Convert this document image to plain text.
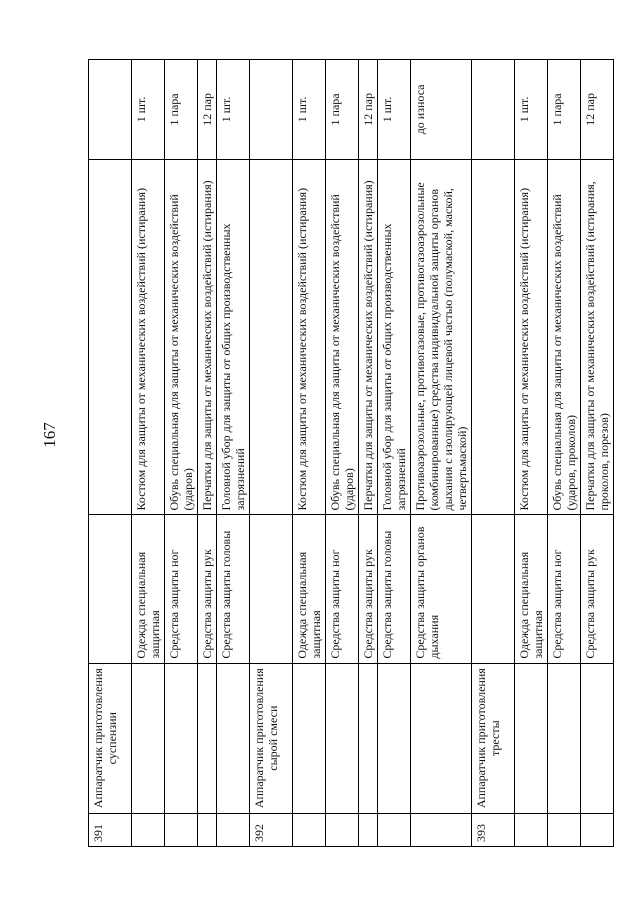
167
391	Аппаратчик приготовления суспензии			
		Одежда специальная защитная	Костюм для защиты от механических воздействий (истирания)	1 шт.
		Средства защиты ног	Обувь специальная для защиты от механических воздействий (ударов)	1 пара
		Средства защиты рук	Перчатки для защиты от механических воздействий (истирания)	12 пар
		Средства защиты головы	Головной убор для защиты от общих производственных загрязнений	1 шт.
392	Аппаратчик приготовления сырой смеси			
		Одежда специальная защитная	Костюм для защиты от механических воздействий (истирания)	1 шт.
		Средства защиты ног	Обувь специальная для защиты от механических воздействий (ударов)	1 пара
		Средства защиты рук	Перчатки для защиты от механических воздействий (истирания)	12 пар
		Средства защиты головы	Головной убор для защиты от общих производственных загрязнений	1 шт.
		Средства защиты органов дыхания	Противоаэрозольные, противогазовые, противогазоаэрозольные (комбинированные) средства индивидуальной защиты органов дыхания с изолирующей лицевой частью (полумаской, маской, четвертьмаской)	до износа
393	Аппаратчик приготовления тресты			
		Одежда специальная защитная	Костюм для защиты от механических воздействий (истирания)	1 шт.
		Средства защиты ног	Обувь специальная для защиты от механических воздействий (ударов, проколов)	1 пара
		Средства защиты рук	Перчатки для защиты от механических воздействий (истирания, проколов, порезов)	12 пар
